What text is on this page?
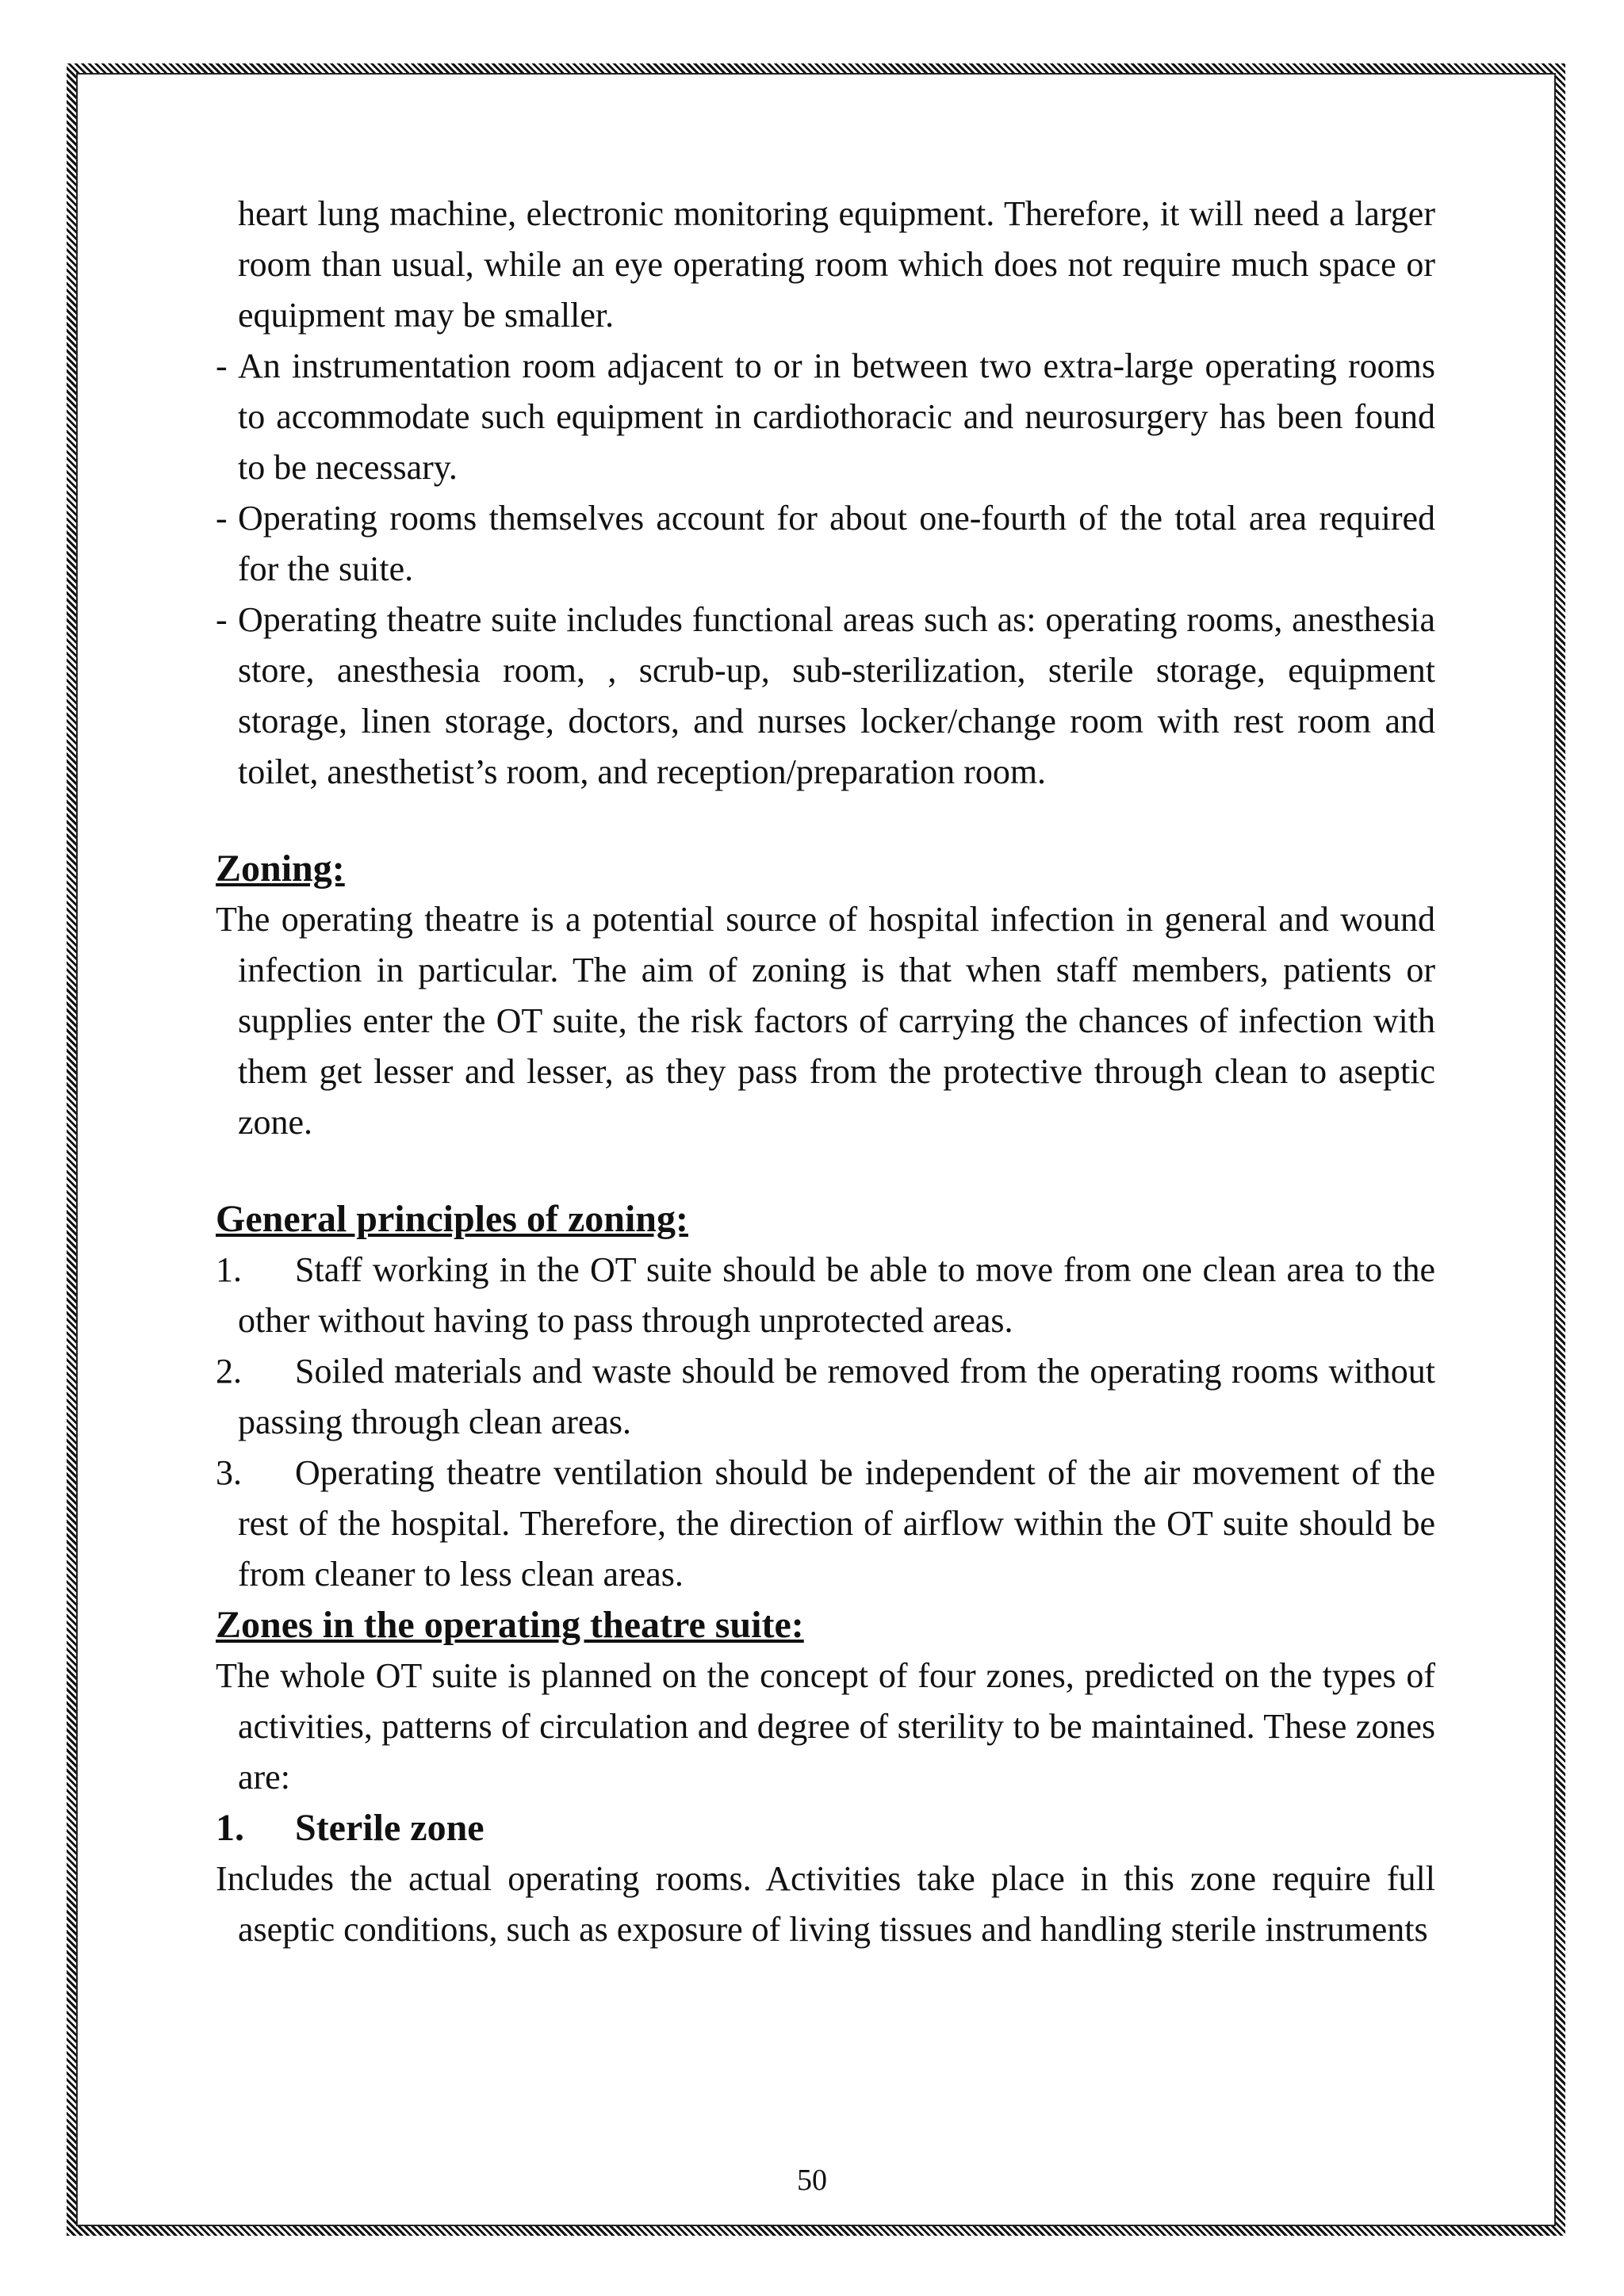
heart lung machine, electronic monitoring equipment. Therefore, it will need a larger room than usual, while an eye operating room which does not require much space or equipment may be smaller.

- An instrumentation room adjacent to or in between two extra-large operating rooms to accommodate such equipment in cardiothoracic and neurosurgery has been found to be necessary.
- Operating rooms themselves account for about one-fourth of the total area required for the suite.
- Operating theatre suite includes functional areas such as: operating rooms, anesthesia store, anesthesia room, , scrub-up, sub-sterilization, sterile storage, equipment storage, linen storage, doctors, and nurses locker/change room with rest room and toilet, anesthetist’s room, and reception/preparation room.

Zoning:

The operating theatre is a potential source of hospital infection in general and wound infection in particular. The aim of zoning is that when staff members, patients or supplies enter the OT suite, the risk factors of carrying the chances of infection with them get lesser and lesser, as they pass from the protective through clean to aseptic zone.

General principles of zoning:

1. Staff working in the OT suite should be able to move from one clean area to the other without having to pass through unprotected areas.
2. Soiled materials and waste should be removed from the operating rooms without passing through clean areas.
3. Operating theatre ventilation should be independent of the air movement of the rest of the hospital. Therefore, the direction of airflow within the OT suite should be from cleaner to less clean areas.

Zones in the operating theatre suite:

The whole OT suite is planned on the concept of four zones, predicted on the types of activities, patterns of circulation and degree of sterility to be maintained. These zones are:

1. Sterile zone

Includes the actual operating rooms. Activities take place in this zone require full aseptic conditions, such as exposure of living tissues and handling sterile instruments

50
